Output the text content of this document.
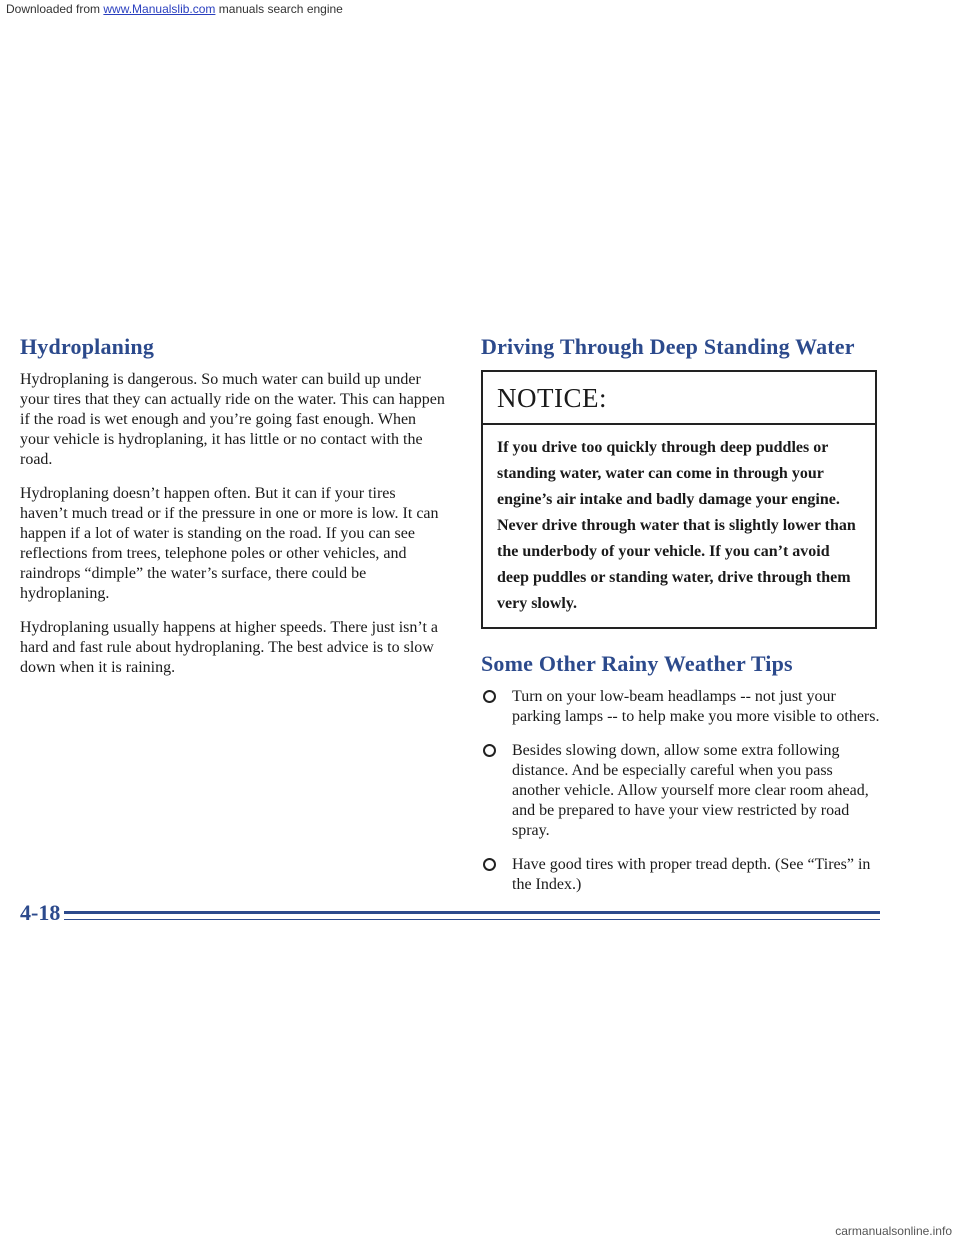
Downloaded from www.Manualslib.com manuals search engine
Hydroplaning

Hydroplaning is dangerous. So much water can build up under your tires that they can actually ride on the water. This can happen if the road is wet enough and you’re going fast enough. When your vehicle is hydroplaning, it has little or no contact with the road.

Hydroplaning doesn’t happen often. But it can if your tires haven’t much tread or if the pressure in one or more is low. It can happen if a lot of water is standing on the road. If you can see reflections from trees, telephone poles or other vehicles, and raindrops “dimple” the water’s surface, there could be hydroplaning.

Hydroplaning usually happens at higher speeds. There just isn’t a hard and fast rule about hydroplaning. The best advice is to slow down when it is raining.

Driving Through Deep Standing Water
NOTICE:
If you drive too quickly through deep puddles or standing water, water can come in through your engine’s air intake and badly damage your engine. Never drive through water that is slightly lower than the underbody of your vehicle. If you can’t avoid deep puddles or standing water, drive through them very slowly.
Some Other Rainy Weather Tips
Turn on your low-beam headlamps -- not just your parking lamps -- to help make you more visible to others.
Besides slowing down, allow some extra following distance. And be especially careful when you pass another vehicle. Allow yourself more clear room ahead, and be prepared to have your view restricted by road spray.
Have good tires with proper tread depth. (See “Tires” in the Index.)
4-18
carmanualsonline.info
